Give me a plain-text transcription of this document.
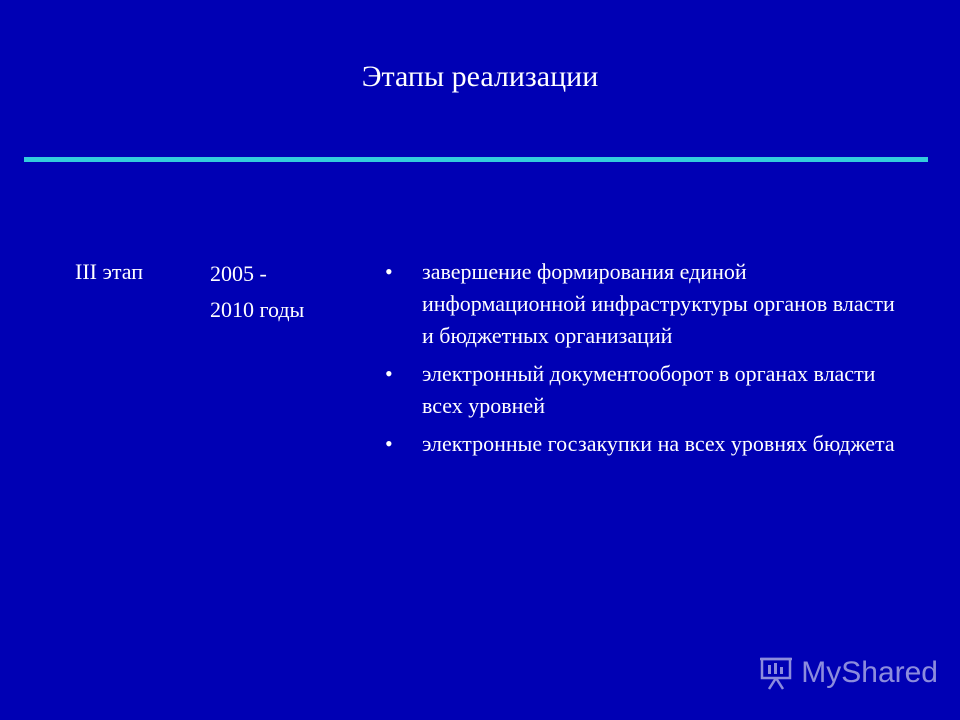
Этапы реализации
III этап	2005 -
2010 годы
• завершение формирования единой информационной инфраструктуры органов власти и бюджетных организаций
• электронный документооборот в органах власти всех уровней
• электронные госзакупки на всех уровнях бюджета
MyShared
